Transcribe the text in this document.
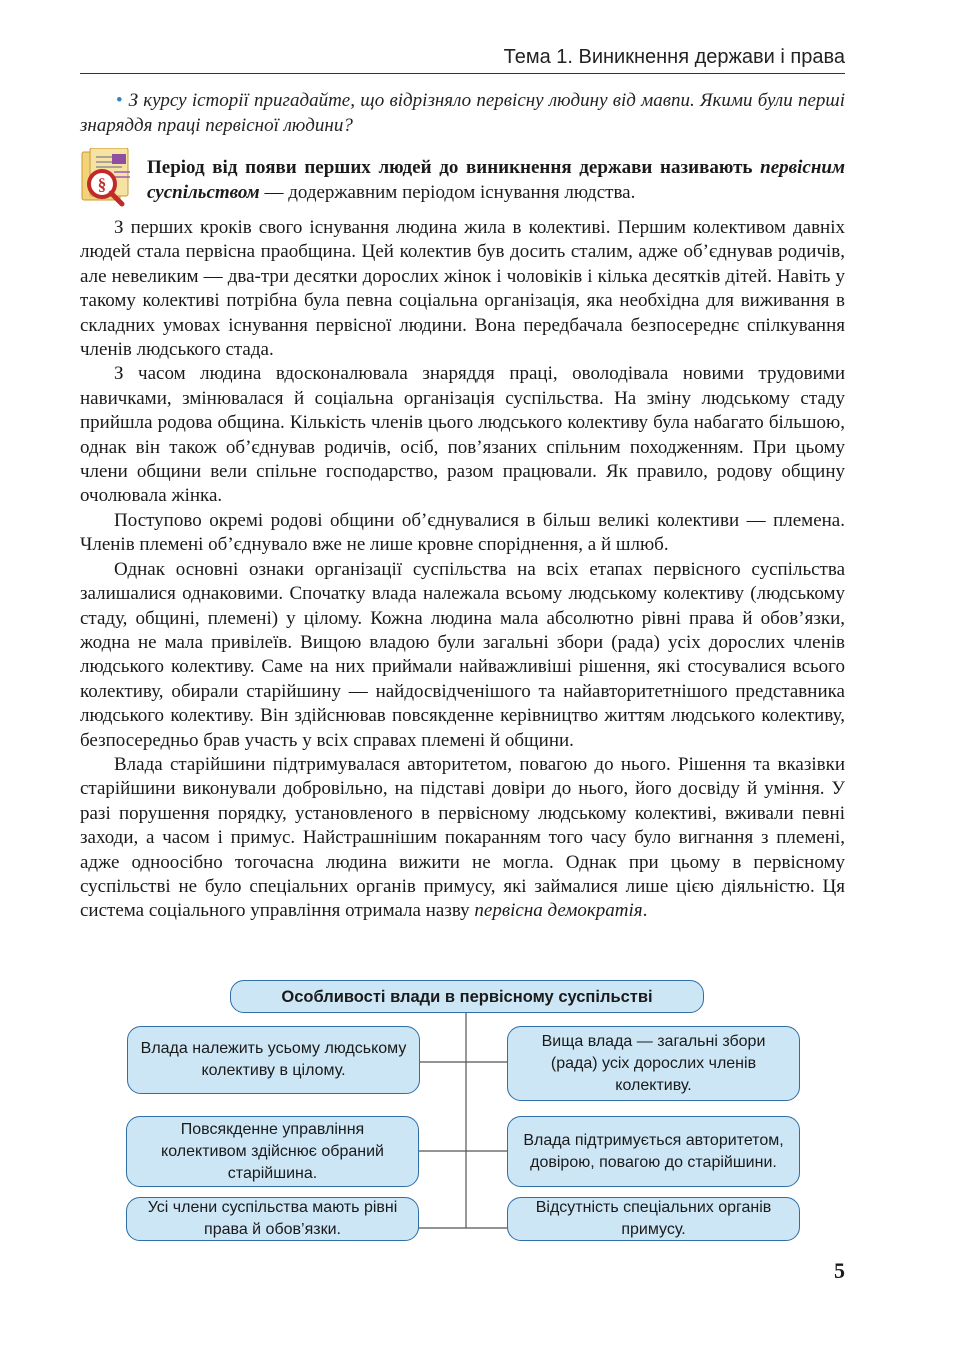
Тема 1. Виникнення держави і права
• З курсу історії пригадайте, що відрізняло первісну людину від мавпи. Якими були перші знаряддя праці первісної людини?
§
Період від появи перших людей до виникнення держави називають первісним суспільством — додержавним періодом існування людства.

З перших кроків свого існування людина жила в колективі. Першим колективом давніх людей стала первісна праобщина. Цей колектив був досить сталим, адже об’єднував родичів, але невеликим — два-три десятки дорослих жінок і чоловіків і кілька десятків дітей. Навіть у такому колективі потрібна була певна соціальна організація, яка необхідна для виживання в складних умовах існування первісної людини. Вона передбачала безпосереднє спілкування членів людського стада.

З часом людина вдосконалювала знаряддя праці, оволодівала новими трудовими навичками, змінювалася й соціальна організація суспільства. На зміну людському стаду прийшла родова община. Кількість членів цього людського колективу була набагато більшою, однак він також об’єднував родичів, осіб, пов’язаних спільним походженням. При цьому члени общини вели спільне господарство, разом працювали. Як правило, родову общину очолювала жінка.

Поступово окремі родові общини об’єднувалися в більш великі колективи — племена. Членів племені об’єднувало вже не лише кровне споріднення, а й шлюб.

Однак основні ознаки організації суспільства на всіх етапах первісного суспільства залишалися однаковими. Спочатку влада належала всьому людському колективу (людському стаду, общині, племені) у цілому. Кожна людина мала абсолютно рівні права й обов’язки, жодна не мала привілеїв. Вищою владою були загальні збори (рада) усіх дорослих членів людського колективу. Саме на них приймали найважливіші рішення, які стосувалися всього колективу, обирали старійшину — найдосвідченішого та найавторитетнішого представника людського колективу. Він здійснював повсякденне керівництво життям людського колективу, безпосередньо брав участь у всіх справах племені й общини.

Влада старійшини підтримувалася авторитетом, повагою до нього. Рішення та вказівки старійшини виконували добровільно, на підставі довіри до нього, його досвіду й уміння. У разі порушення порядку, установленого в первісному людському колективі, вживали певні заходи, а часом і примус. Найстрашнішим покаранням того часу було вигнання з племені, адже одноосібно тогочасна людина вижити не могла. Однак при цьому в первісному суспільстві не було спеціальних органів примусу, які займалися лише цією діяльністю. Ця система соціального управління отримала назву первісна демократія.

Особливості влади в первісному суспільстві
Влада належить усьому людському колективу в цілому.
Повсякденне управління колективом здійснює обраний старійшина.
Усі члени суспільства мають рівні права й обов’язки.
Вища влада — загальні збори (рада) усіх дорослих членів колективу.
Влада підтримується авторитетом, довірою, повагою до старійшини.
Відсутність спеціальних органів примусу.
5
